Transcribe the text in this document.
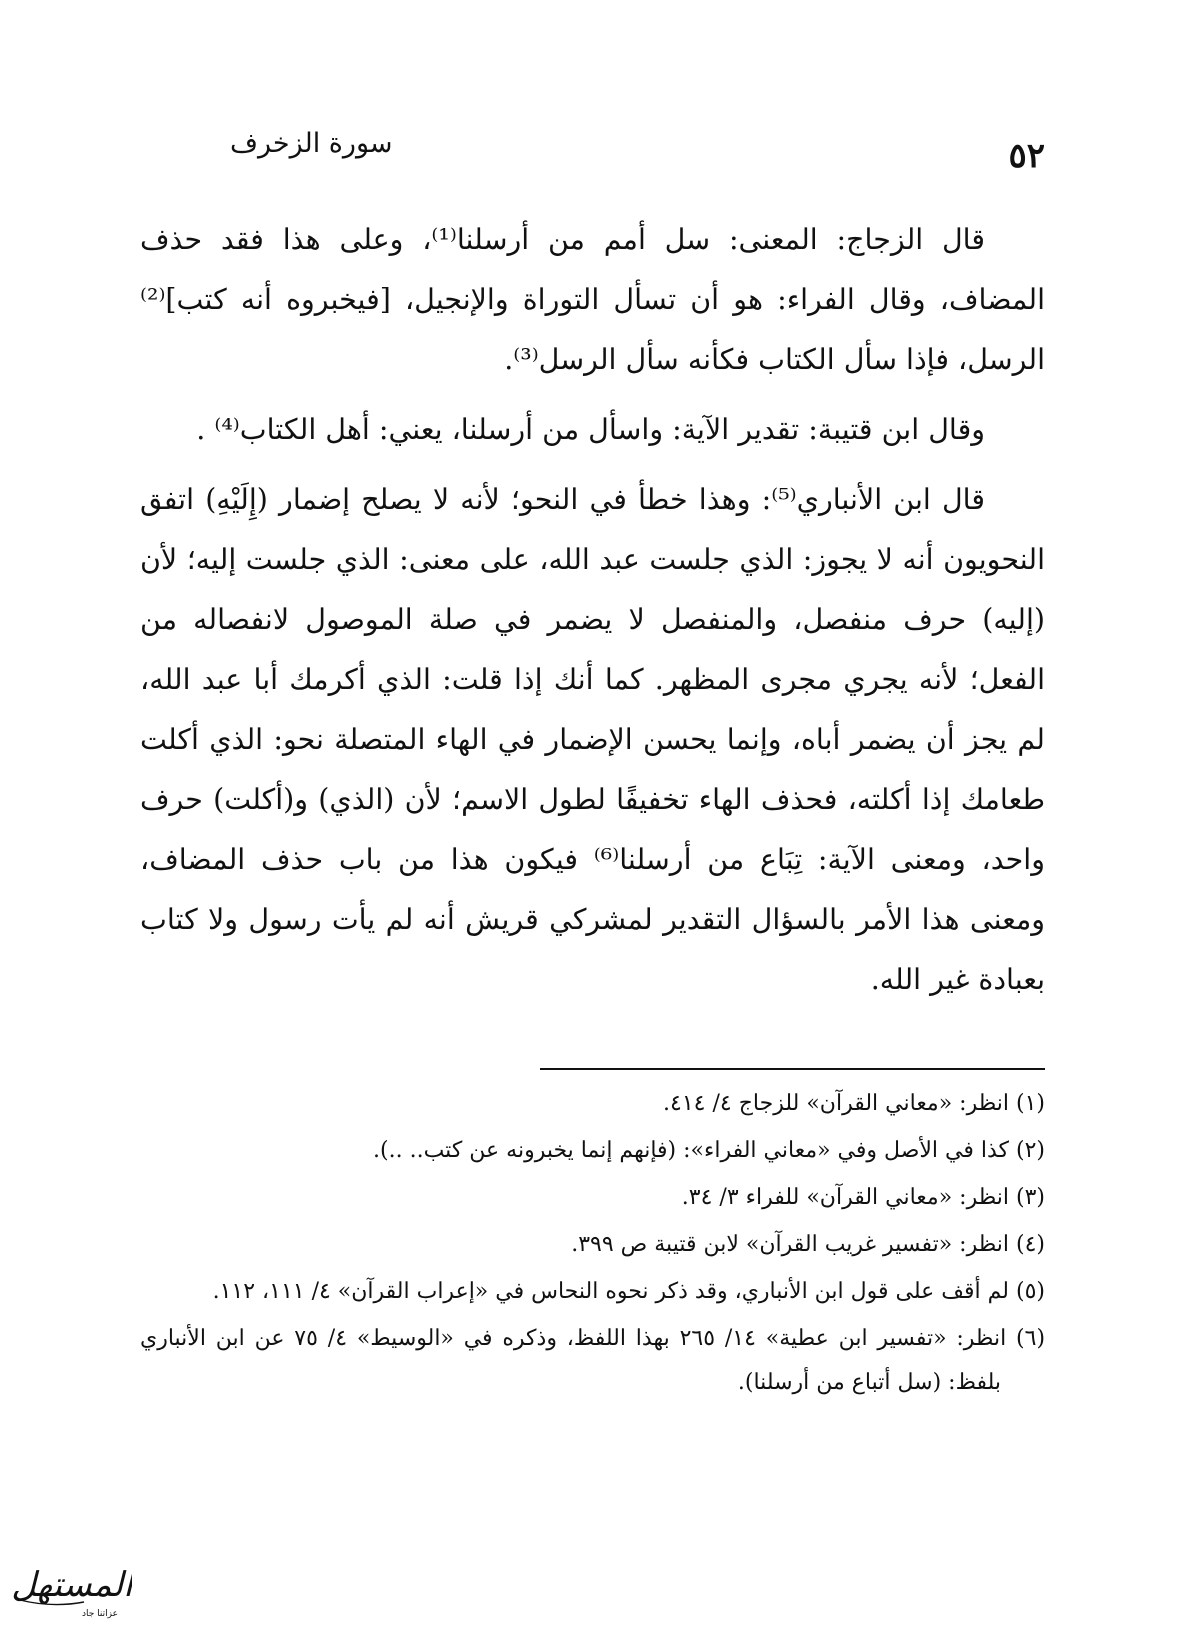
٥٢
سورة الزخرف

قال الزجاج: المعنى: سل أمم من أرسلنا⁽¹⁾، وعلى هذا فقد حذف المضاف، وقال الفراء: هو أن تسأل التوراة والإنجيل، [فيخبروه أنه كتب]⁽²⁾ الرسل، فإذا سأل الكتاب فكأنه سأل الرسل⁽³⁾.

وقال ابن قتيبة: تقدير الآية: واسأل من أرسلنا، يعني: أهل الكتاب⁽⁴⁾ .

قال ابن الأنباري⁽⁵⁾: وهذا خطأ في النحو؛ لأنه لا يصلح إضمار (إِلَيْهِ) اتفق النحويون أنه لا يجوز: الذي جلست عبد الله، على معنى: الذي جلست إليه؛ لأن (إليه) حرف منفصل، والمنفصل لا يضمر في صلة الموصول لانفصاله من الفعل؛ لأنه يجري مجرى المظهر. كما أنك إذا قلت: الذي أكرمك أبا عبد الله، لم يجز أن يضمر أباه، وإنما يحسن الإضمار في الهاء المتصلة نحو: الذي أكلت طعامك إذا أكلته، فحذف الهاء تخفيفًا لطول الاسم؛ لأن (الذي) و(أكلت) حرف واحد، ومعنى الآية: تِبَاع من أرسلنا⁽⁶⁾ فيكون هذا من باب حذف المضاف، ومعنى هذا الأمر بالسؤال التقدير لمشركي قريش أنه لم يأت رسول ولا كتاب بعبادة غير الله.

(١) انظر: «معاني القرآن» للزجاج ٤/ ٤١٤.
(٢) كذا في الأصل وفي «معاني الفراء»: (فإنهم إنما يخبرونه عن كتب.. ..).
(٣) انظر: «معاني القرآن» للفراء ٣/ ٣٤.
(٤) انظر: «تفسير غريب القرآن» لابن قتيبة ص ٣٩٩.
(٥) لم أقف على قول ابن الأنباري، وقد ذكر نحوه النحاس في «إعراب القرآن» ٤/ ١١١، ١١٢.
(٦) انظر: «تفسير ابن عطية» ١٤/ ٢٦٥ بهذا اللفظ، وذكره في «الوسيط» ٤/ ٧٥ عن ابن الأنباري بلفظ: (سل أتباع من أرسلنا).
المستهل
عزاتنا جاد
